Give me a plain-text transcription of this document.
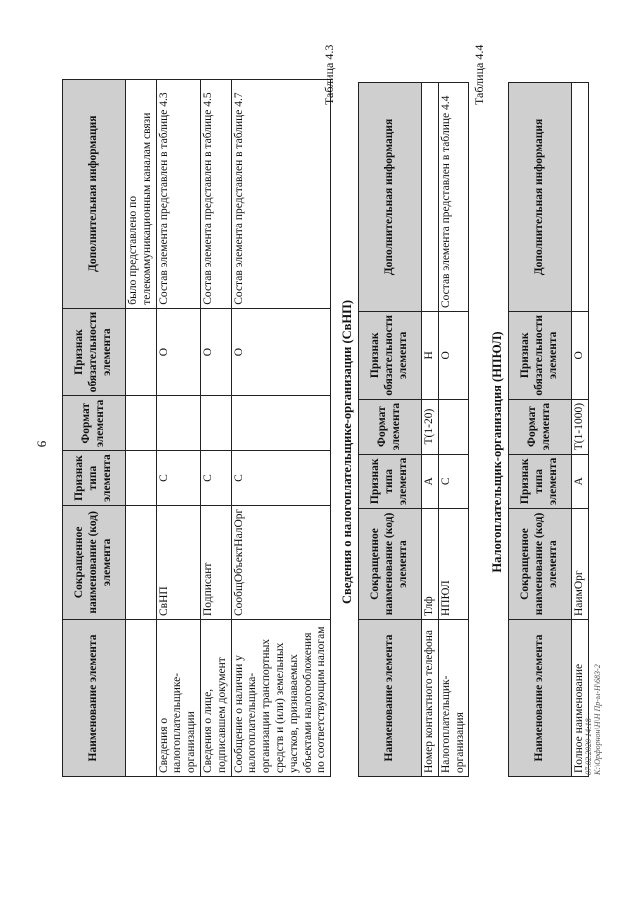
9
Наименование элемента	Сокращенное наименование (код) элемента	Признак типа элемента	Формат элемента	Признак обязательности элемента	Дополнительная информация
					было представлено по телекоммуникационным каналам связи
Сведения о налогоплательщике-организации	СвНП	С		О	Состав элемента представлен в таблице 4.3
Сведения о лице, подписавшем документ	Подписант	С		О	Состав элемента представлен в таблице 4.5
Сообщение о наличии у налогоплательщика-организации транспортных средств и (или) земельных участков, признаваемых объектами налогообложения по соответствующим налогам	СообщОбъектНалОрг	С		О	Состав элемента представлен в таблице 4.7
Таблица 4.3
Сведения о налогоплательщике-организации (СвНП)
Наименование элемента	Сокращенное наименование (код) элемента	Признак типа элемента	Формат элемента	Признак обязательности элемента	Дополнительная информация
Номер контактного телефона	Тлф	А	T(1-20)	Н	
Налогоплательщик-организация	НПЮЛ	С		О	Состав элемента представлен в таблице 4.4
Таблица 4.4
Налогоплательщик-организация (НПЮЛ)
Наименование элемента	Сокращенное наименование (код) элемента	Признак типа элемента	Формат элемента	Признак обязательности элемента	Дополнительная информация
Полное наименование	НаимОрг	А	T(1-1000)	О	
07.02.2020 14:18 K:\Орфорнон\Н\Н Пр-ы-Н\683-2
